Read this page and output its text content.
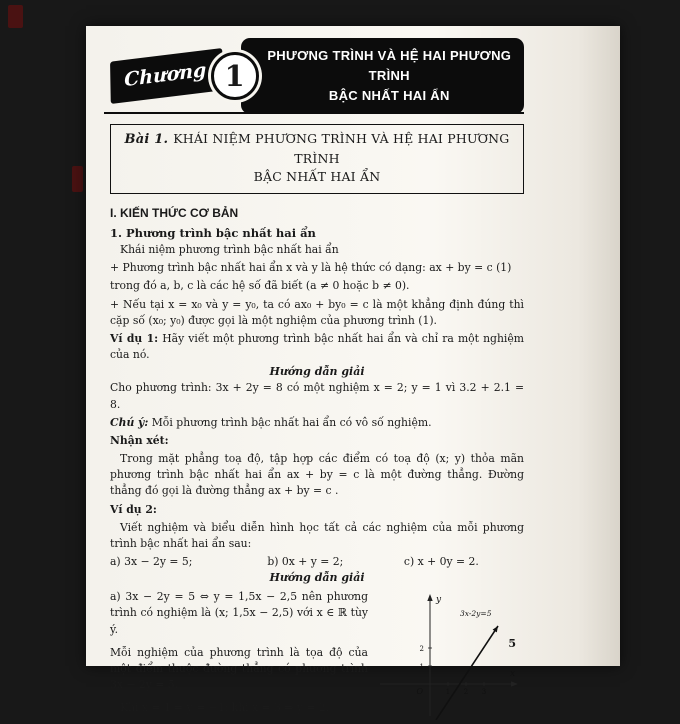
Chương 1
PHƯƠNG TRÌNH VÀ HỆ HAI PHƯƠNG TRÌNH
BẬC NHẤT HAI ẨN
Bài 1. KHÁI NIỆM PHƯƠNG TRÌNH VÀ HỆ HAI PHƯƠNG TRÌNH
BẬC NHẤT HAI ẨN
I. KIẾN THỨC CƠ BẢN
1. Phương trình bậc nhất hai ẩn

Khái niệm phương trình bậc nhất hai ẩn

+ Phương trình bậc nhất hai ẩn x và y là hệ thức có dạng: ax + by = c (1)

trong đó a, b, c là các hệ số đã biết (a ≠ 0 hoặc b ≠ 0).

+ Nếu tại x = x₀ và y = y₀, ta có ax₀ + by₀ = c là một khẳng định đúng thì cặp số (x₀; y₀) được gọi là một nghiệm của phương trình (1).

Ví dụ 1: Hãy viết một phương trình bậc nhất hai ẩn và chỉ ra một nghiệm của nó.

Hướng dẫn giải

Cho phương trình: 3x + 2y = 8 có một nghiệm x = 2; y = 1 vì 3.2 + 2.1 = 8.

Chú ý: Mỗi phương trình bậc nhất hai ẩn có vô số nghiệm.

Nhận xét:

Trong mặt phẳng toạ độ, tập hợp các điểm có toạ độ (x; y) thỏa mãn phương trình bậc nhất hai ẩn ax + by = c là một đường thẳng. Đường thẳng đó gọi là đường thẳng ax + by = c .

Ví dụ 2:

Viết nghiệm và biểu diễn hình học tất cả các nghiệm của mỗi phương trình bậc nhất hai ẩn sau:

a) 3x − 2y = 5;	b) 0x + y = 2;	c) x + 0y = 2.
Hướng dẫn giải

a) 3x − 2y = 5 ⇔ y = 1,5x − 2,5 nên phương trình có nghiệm là (x; 1,5x − 2,5) với x ∈ ℝ tùy ý.

Mỗi nghiệm của phương trình là tọa độ của một điểm thuộc đường thẳng có phương trình 3x − 2y = 5.

Khi x = 1 ⇒ y = −1; khi x = 3 ⇒ y = 2.

y
x
O
1
2
1 2 3
3x-2y=5
5
